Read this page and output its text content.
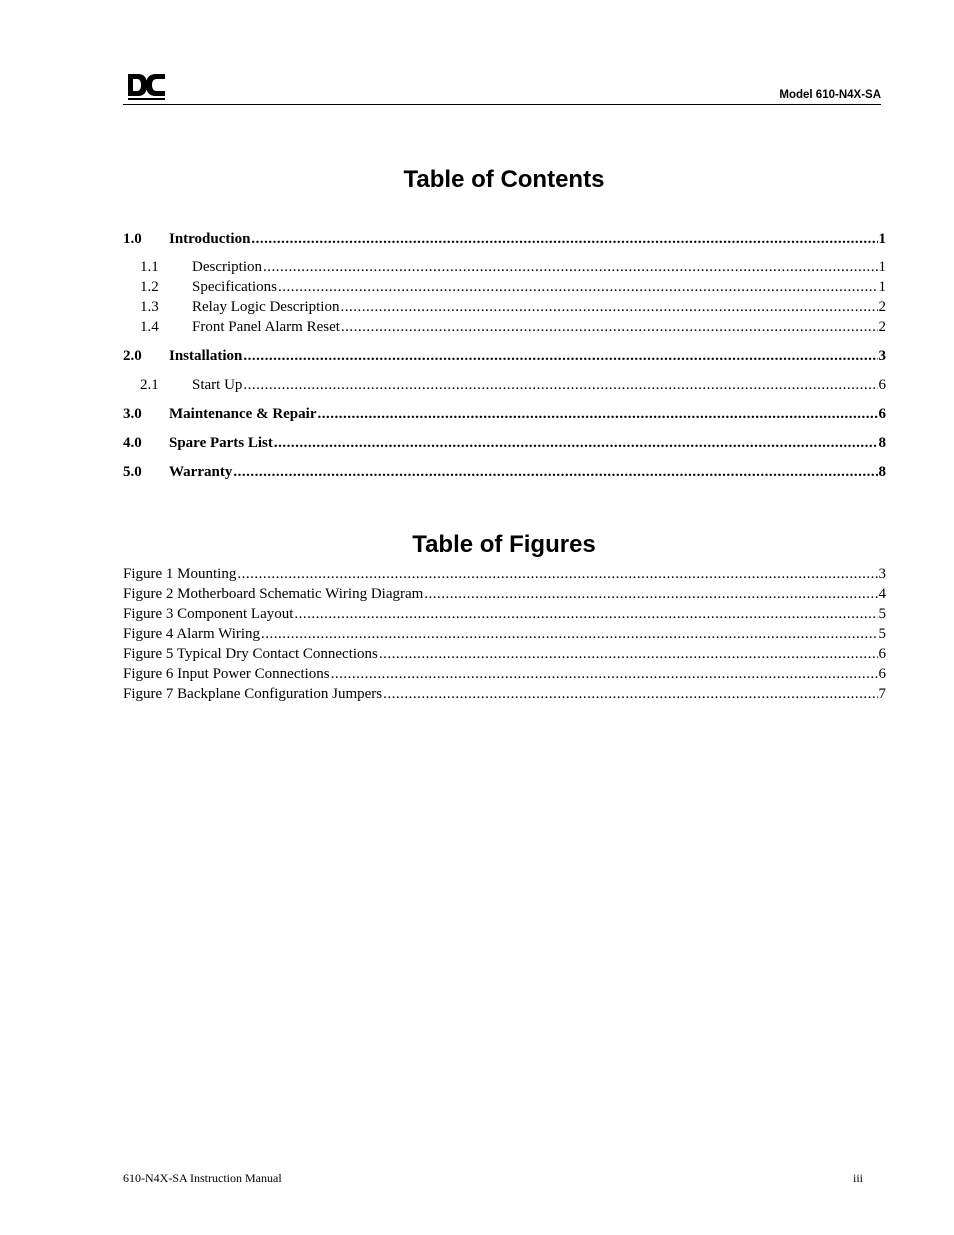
Model 610-N4X-SA
Table of Contents
1.0	Introduction .....	1
1.1	Description .....	1
1.2	Specifications .....	1
1.3	Relay Logic Description .....	2
1.4	Front Panel Alarm Reset .....	2
2.0	Installation .....	3
2.1	Start Up .....	6
3.0	Maintenance & Repair .....	6
4.0	Spare Parts List .....	8
5.0	Warranty .....	8
Table of Figures
Figure 1 Mounting .....	3
Figure 2 Motherboard Schematic Wiring Diagram .....	4
Figure 3 Component Layout .....	5
Figure 4 Alarm Wiring .....	5
Figure 5 Typical Dry Contact Connections .....	6
Figure 6 Input Power Connections .....	6
Figure 7 Backplane Configuration Jumpers .....	7
610-N4X-SA Instruction Manual	iii
